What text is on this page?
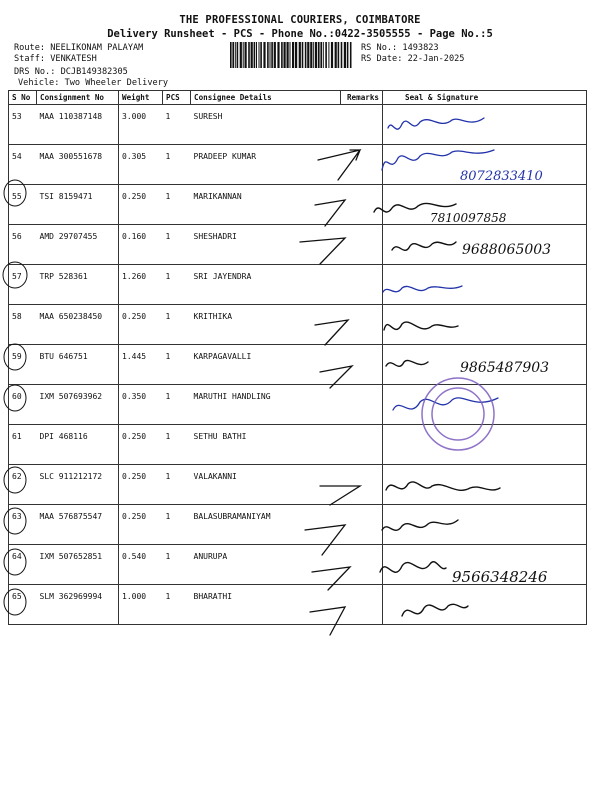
THE PROFESSIONAL COURIERS, COIMBATORE
Delivery Runsheet - PCS - Phone No.:0422-3505555 - Page No.:5
Route: NEELIKONAM PALAYAM
Staff: VENKATESH
DRS No.: DCJB149382305
Vehicle: Two Wheeler Delivery
RS No.: 1493823
RS Date: 22-Jan-2025
S No	Consignment No	Weight	PCS	Consignee Details	Remarks	Seal & Signature
53	MAA 110387148	3.000	1	SURESH		
54	MAA 300551678	0.305	1	PRADEEP KUMAR		
55	TSI 8159471	0.250	1	MARIKANNAN		
56	AMD 29707455	0.160	1	SHESHADRI		
57	TRP 528361	1.260	1	SRI JAYENDRA		
58	MAA 650238450	0.250	1	KRITHIKA		
59	BTU 646751	1.445	1	KARPAGAVALLI		
60	IXM 507693962	0.350	1	MARUTHI HANDLING		
61	DPI 468116	0.250	1	SETHU BATHI		
62	SLC 911212172	0.250	1	VALAKANNI		
63	MAA 576875547	0.250	1	BALASUBRAMANIYAM		
64	IXM 507652851	0.540	1	ANURUPA		
65	SLM 362969994	1.000	1	BHARATHI		
8072833410
7810097858
9688065003
9865487903
9566348246
